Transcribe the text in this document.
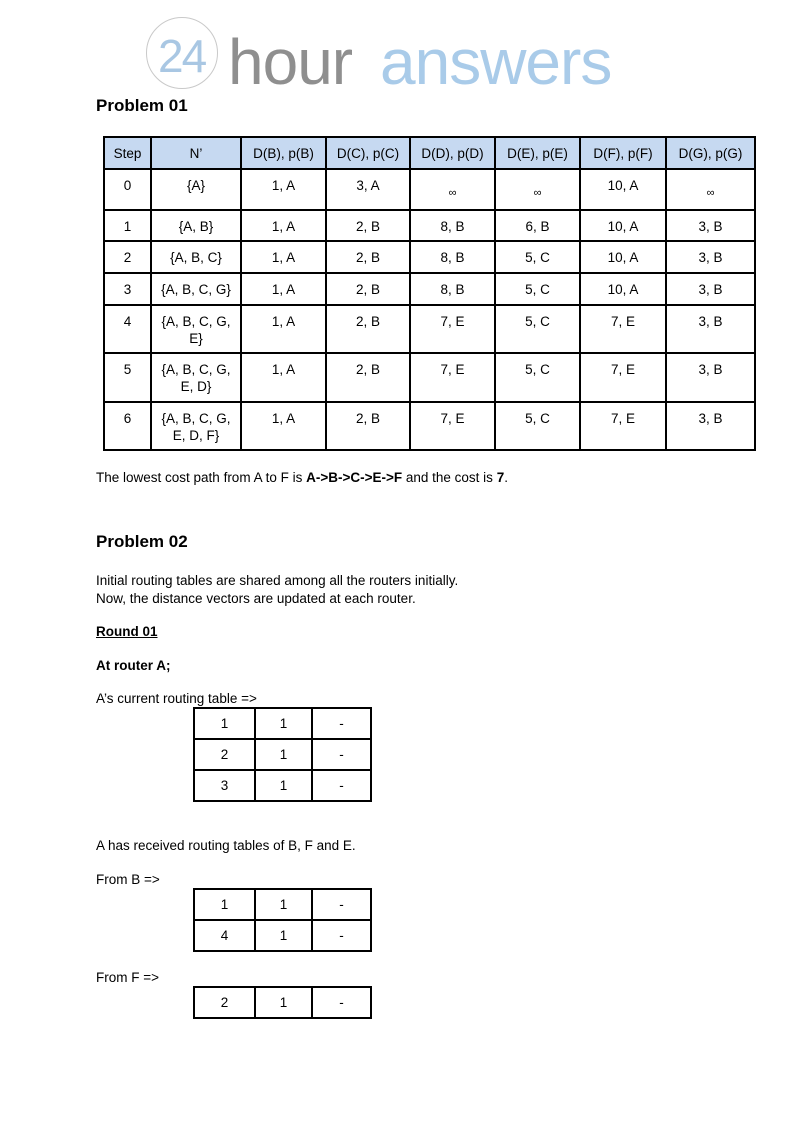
24 hour answers
Problem 01
Step	N’	D(B), p(B)	D(C), p(C)	D(D), p(D)	D(E), p(E)	D(F), p(F)	D(G), p(G)
0	{A}	1, A	3, A	∞	∞	10, A	∞
1	{A, B}	1, A	2, B	8, B	6, B	10, A	3, B
2	{A, B, C}	1, A	2, B	8, B	5, C	10, A	3, B
3	{A, B, C, G}	1, A	2, B	8, B	5, C	10, A	3, B
4	{A, B, C, G, E}	1, A	2, B	7, E	5, C	7, E	3, B
5	{A, B, C, G, E, D}	1, A	2, B	7, E	5, C	7, E	3, B
6	{A, B, C, G, E, D, F}	1, A	2, B	7, E	5, C	7, E	3, B
The lowest cost path from A to F is A->B->C->E->F and the cost is 7.
Problem 02
Initial routing tables are shared among all the routers initially.
Now, the distance vectors are updated at each router.
Round 01
At router A;
A’s current routing table =>
1	1	-
2	1	-
3	1	-
A has received routing tables of B, F and E.
From B =>
1	1	-
4	1	-
From F =>
2	1	-
